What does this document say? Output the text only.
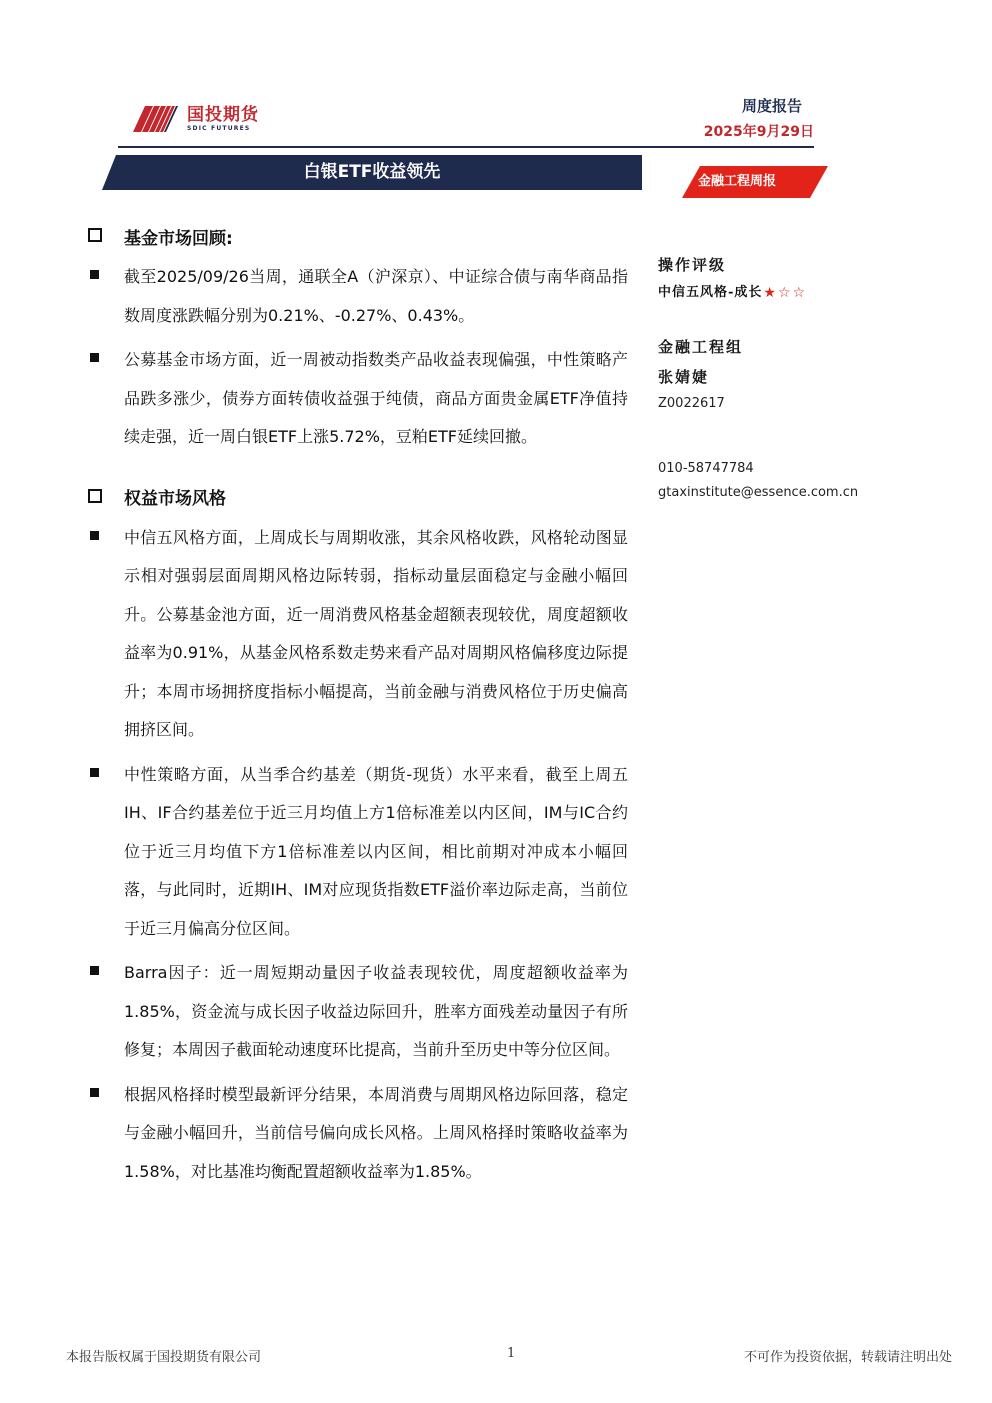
国投期货
SDIC FUTURES
周度报告
2025年9月29日
白银ETF收益领先	金融工程周报
基金市场回顾:
截至2025/09/26当周，通联全A（沪深京）、中证综合债与南华商品指数周度涨跌幅分别为0.21%、-0.27%、0.43%。
公募基金市场方面，近一周被动指数类产品收益表现偏强，中性策略产品跌多涨少，债券方面转债收益强于纯债，商品方面贵金属ETF净值持续走强，近一周白银ETF上涨5.72%，豆粕ETF延续回撤。
权益市场风格
中信五风格方面，上周成长与周期收涨，其余风格收跌，风格轮动图显示相对强弱层面周期风格边际转弱，指标动量层面稳定与金融小幅回升。公募基金池方面，近一周消费风格基金超额表现较优，周度超额收益率为0.91%，从基金风格系数走势来看产品对周期风格偏移度边际提升；本周市场拥挤度指标小幅提高，当前金融与消费风格位于历史偏高拥挤区间。
中性策略方面，从当季合约基差（期货-现货）水平来看，截至上周五IH、IF合约基差位于近三月均值上方1倍标准差以内区间，IM与IC合约位于近三月均值下方1倍标准差以内区间，相比前期对冲成本小幅回落，与此同时，近期IH、IM对应现货指数ETF溢价率边际走高，当前位于近三月偏高分位区间。
Barra因子：近一周短期动量因子收益表现较优，周度超额收益率为1.85%，资金流与成长因子收益边际回升，胜率方面残差动量因子有所修复；本周因子截面轮动速度环比提高，当前升至历史中等分位区间。
根据风格择时模型最新评分结果，本周消费与周期风格边际回落，稳定与金融小幅回升，当前信号偏向成长风格。上周风格择时策略收益率为1.58%，对比基准均衡配置超额收益率为1.85%。
操作评级
中信五风格-成长 ★ ☆ ☆
金融工程组
张婧婕
Z0022617
010-58747784
gtaxinstitute@essence.com.cn
本报告版权属于国投期货有限公司	1	不可作为投资依据，转载请注明出处
